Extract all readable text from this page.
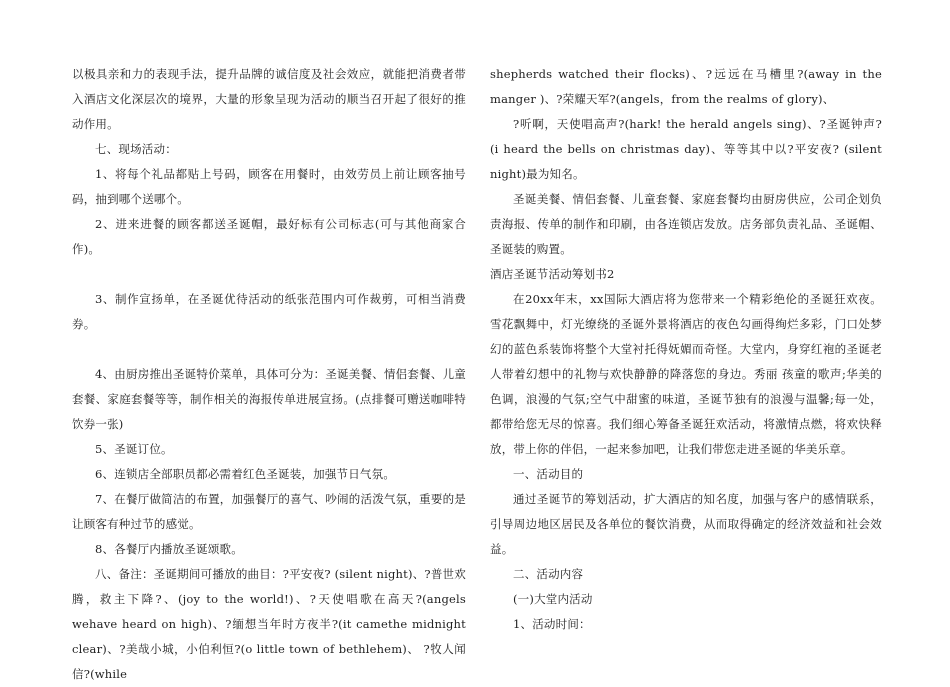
以极具亲和力的表现手法，提升品牌的诚信度及社会效应，就能把消费者带入酒店文化深层次的境界，大量的形象呈现为活动的顺当召开起了很好的推动作用。

七、现场活动：

1、将每个礼品都贴上号码，顾客在用餐时，由效劳员上前让顾客抽号码，抽到哪个送哪个。

2、进来进餐的顾客都送圣诞帽，最好标有公司标志(可与其他商家合作)。

3、制作宣扬单，在圣诞优待活动的纸张范围内可作裁剪，可相当消费券。

4、由厨房推出圣诞特价菜单，具体可分为：圣诞美餐、情侣套餐、儿童套餐、家庭套餐等等，制作相关的海报传单进展宣扬。(点排餐可赠送咖啡特饮券一张)

5、圣诞订位。

6、连锁店全部职员都必需着红色圣诞装，加强节日气氛。

7、在餐厅做简洁的布置，加强餐厅的喜气、吵闹的活泼气氛，重要的是让顾客有种过节的感觉。

8、各餐厅内播放圣诞颂歌。

八、备注：圣诞期间可播放的曲目：?平安夜? (silent night)、?普世欢腾，救主下降?、(joy to the world!)、?天使唱歌在高天?(angels wehave heard on high)、?缅想当年时方夜半?(it camethe midnight clear)、?美哉小城，小伯利恒?(o little town of bethlehem)、 ?牧人闻信?(while

shepherds watched their flocks)、?远远在马槽里?(away in the manger )、?荣耀天军?(angels，from the realms of glory)、

?听啊，天使唱高声?(hark! the herald angels sing)、?圣诞钟声? (i heard the bells on christmas day)、等等其中以?平安夜? (silent night)最为知名。

圣诞美餐、情侣套餐、儿童套餐、家庭套餐均由厨房供应，公司企划负责海报、传单的制作和印刷，由各连锁店发放。店务部负责礼品、圣诞帽、圣诞装的购置。

酒店圣诞节活动筹划书2

在20xx年末，xx国际大酒店将为您带来一个精彩绝伦的圣诞狂欢夜。雪花飘舞中，灯光缭绕的圣诞外景将酒店的夜色勾画得绚烂多彩，门口处梦幻的蓝色系装饰将整个大堂衬托得妩媚而奇怪。大堂内，身穿红袍的圣诞老人带着幻想中的礼物与欢快静静的降落您的身边。秀丽 孩童的歌声;华美的色调，浪漫的气氛;空气中甜蜜的味道，圣诞节独有的浪漫与温馨;每一处，都带给您无尽的惊喜。我们细心筹备圣诞狂欢活动，将激情点燃，将欢快释放，带上你的伴侣，一起来参加吧，让我们带您走进圣诞的华美乐章。

一、活动目的

通过圣诞节的筹划活动，扩大酒店的知名度，加强与客户的感情联系，引导周边地区居民及各单位的餐饮消费，从而取得确定的经济效益和社会效益。

二、活动内容

(一)大堂内活动

1、活动时间：
